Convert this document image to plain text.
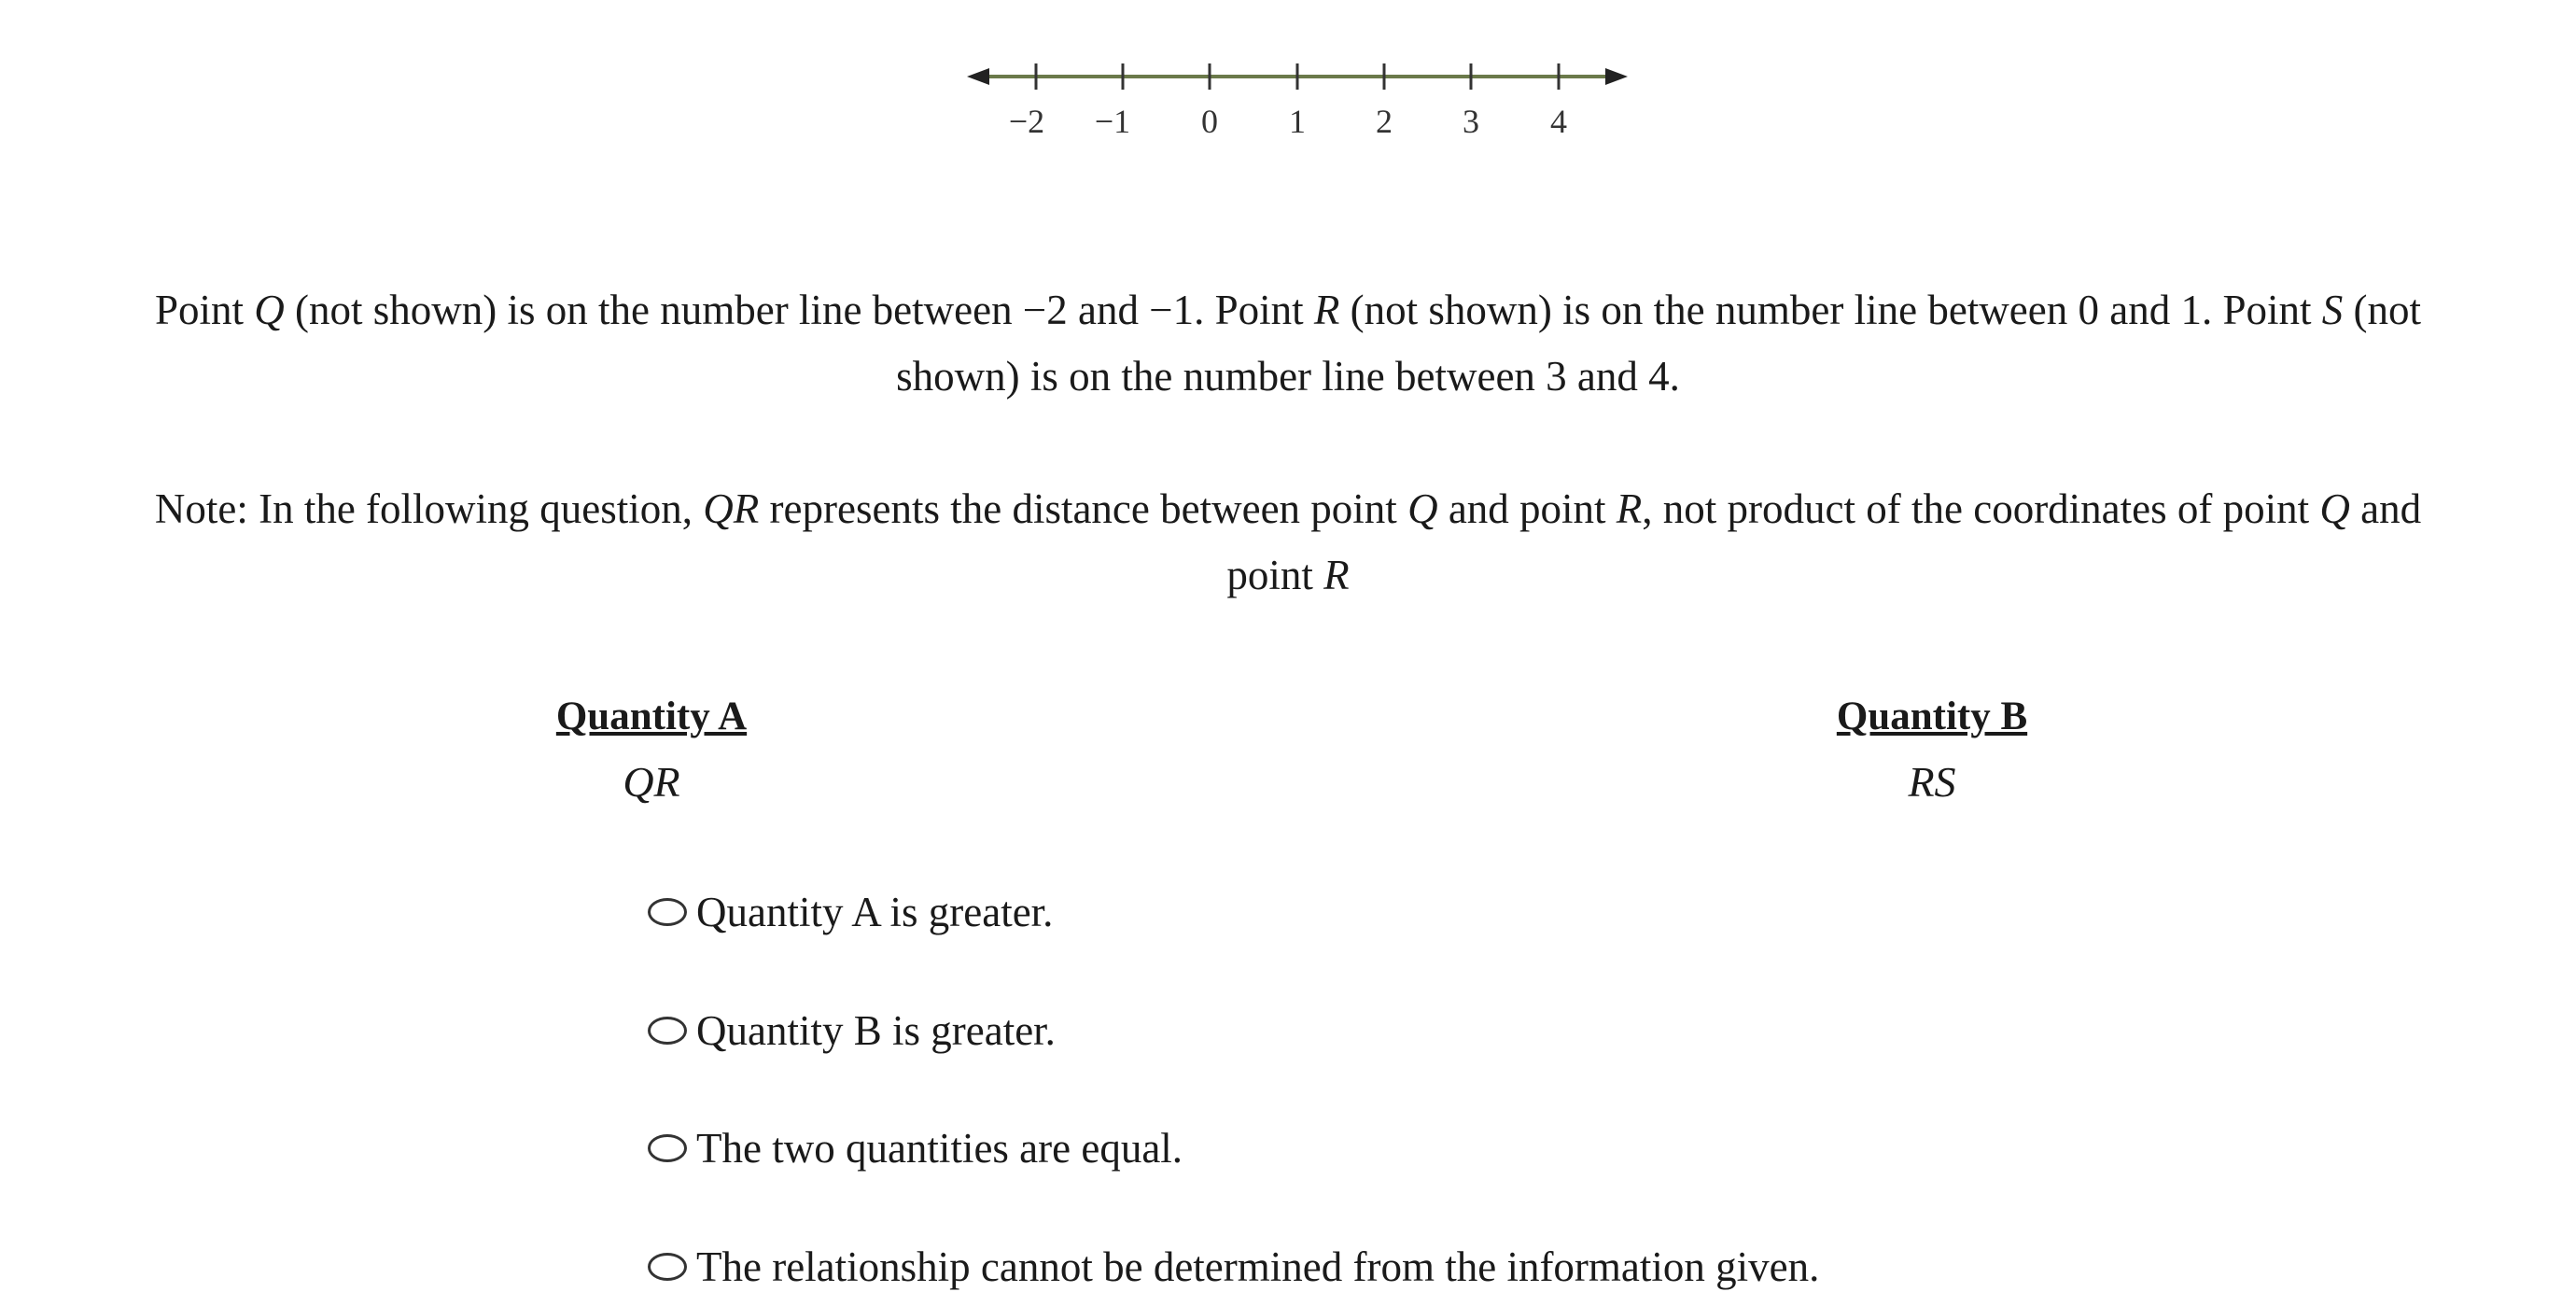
−2 −1 0 1 2 3 4
Point Q (not shown) is on the number line between −2 and −1. Point R (not shown) is on the number line between 0 and 1. Point S (not shown) is on the number line between 3 and 4.
Note: In the following question, QR represents the distance between point Q and point R, not product of the coordinates of point Q and point R
Quantity A
QR
Quantity B
RS
Quantity A is greater.
Quantity B is greater.
The two quantities are equal.
The relationship cannot be determined from the information given.
